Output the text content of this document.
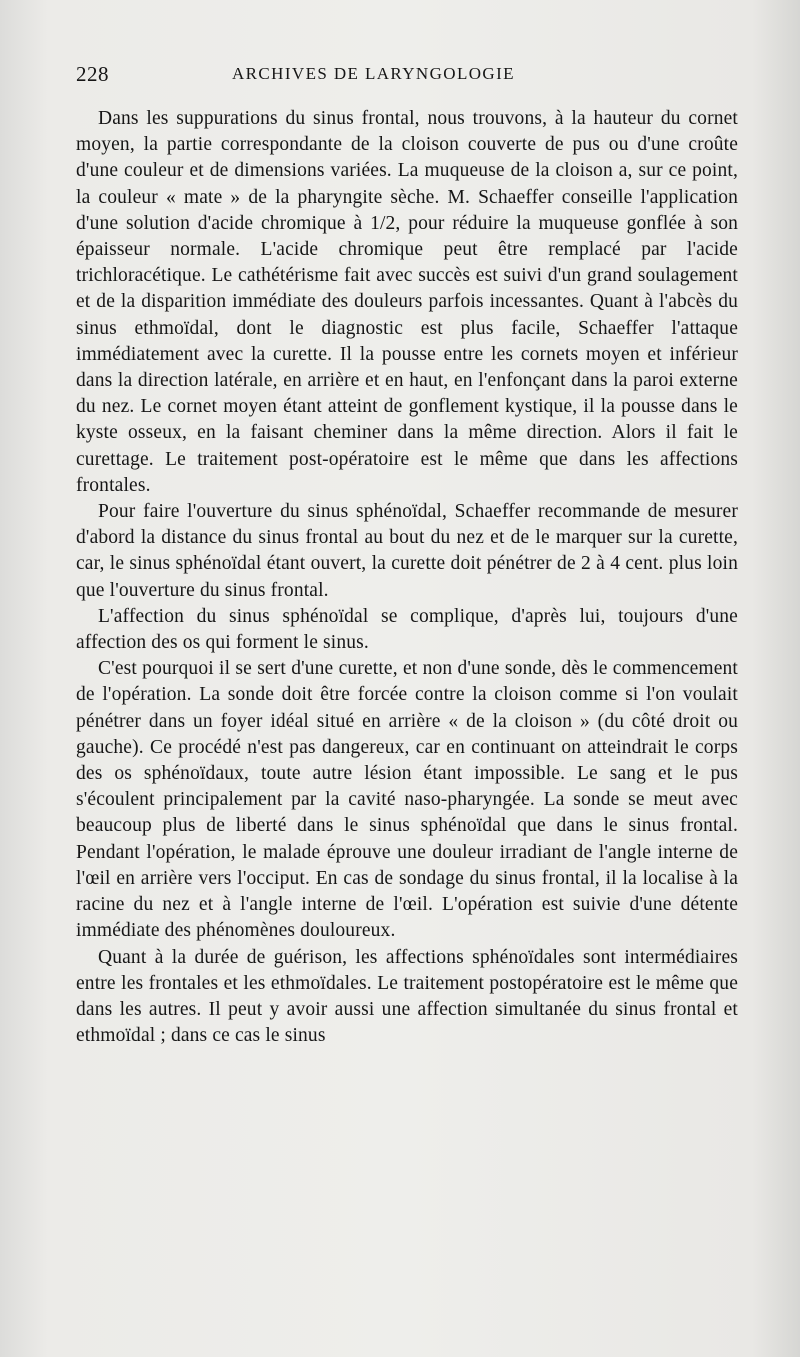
228	ARCHIVES DE LARYNGOLOGIE

Dans les suppurations du sinus frontal, nous trouvons, à la hauteur du cornet moyen, la partie correspondante de la cloison couverte de pus ou d'une croûte d'une couleur et de dimensions variées. La muqueuse de la cloison a, sur ce point, la couleur « mate » de la pharyngite sèche. M. Schaeffer conseille l'application d'une solution d'acide chromique à 1/2, pour réduire la muqueuse gonflée à son épaisseur normale. L'acide chromique peut être remplacé par l'acide trichloracétique. Le cathétérisme fait avec succès est suivi d'un grand soulagement et de la disparition immédiate des douleurs parfois incessantes. Quant à l'abcès du sinus ethmoïdal, dont le diagnostic est plus facile, Schaeffer l'attaque immédiatement avec la curette. Il la pousse entre les cornets moyen et inférieur dans la direction latérale, en arrière et en haut, en l'enfonçant dans la paroi externe du nez. Le cornet moyen étant atteint de gonflement kystique, il la pousse dans le kyste osseux, en la faisant cheminer dans la même direction. Alors il fait le curettage. Le traitement post-opératoire est le même que dans les affections frontales.

Pour faire l'ouverture du sinus sphénoïdal, Schaeffer recommande de mesurer d'abord la distance du sinus frontal au bout du nez et de le marquer sur la curette, car, le sinus sphénoïdal étant ouvert, la curette doit pénétrer de 2 à 4 cent. plus loin que l'ouverture du sinus frontal.

L'affection du sinus sphénoïdal se complique, d'après lui, toujours d'une affection des os qui forment le sinus.

C'est pourquoi il se sert d'une curette, et non d'une sonde, dès le commencement de l'opération. La sonde doit être forcée contre la cloison comme si l'on voulait pénétrer dans un foyer idéal situé en arrière « de la cloison » (du côté droit ou gauche). Ce procédé n'est pas dangereux, car en continuant on atteindrait le corps des os sphénoïdaux, toute autre lésion étant impossible. Le sang et le pus s'écoulent principalement par la cavité naso-pharyngée. La sonde se meut avec beaucoup plus de liberté dans le sinus sphénoïdal que dans le sinus frontal. Pendant l'opération, le malade éprouve une douleur irradiant de l'angle interne de l'œil en arrière vers l'occiput. En cas de sondage du sinus frontal, il la localise à la racine du nez et à l'angle interne de l'œil. L'opération est suivie d'une détente immédiate des phénomènes douloureux.

Quant à la durée de guérison, les affections sphénoïdales sont intermédiaires entre les frontales et les ethmoïdales. Le traitement postopératoire est le même que dans les autres. Il peut y avoir aussi une affection simultanée du sinus frontal et ethmoïdal ; dans ce cas le sinus
